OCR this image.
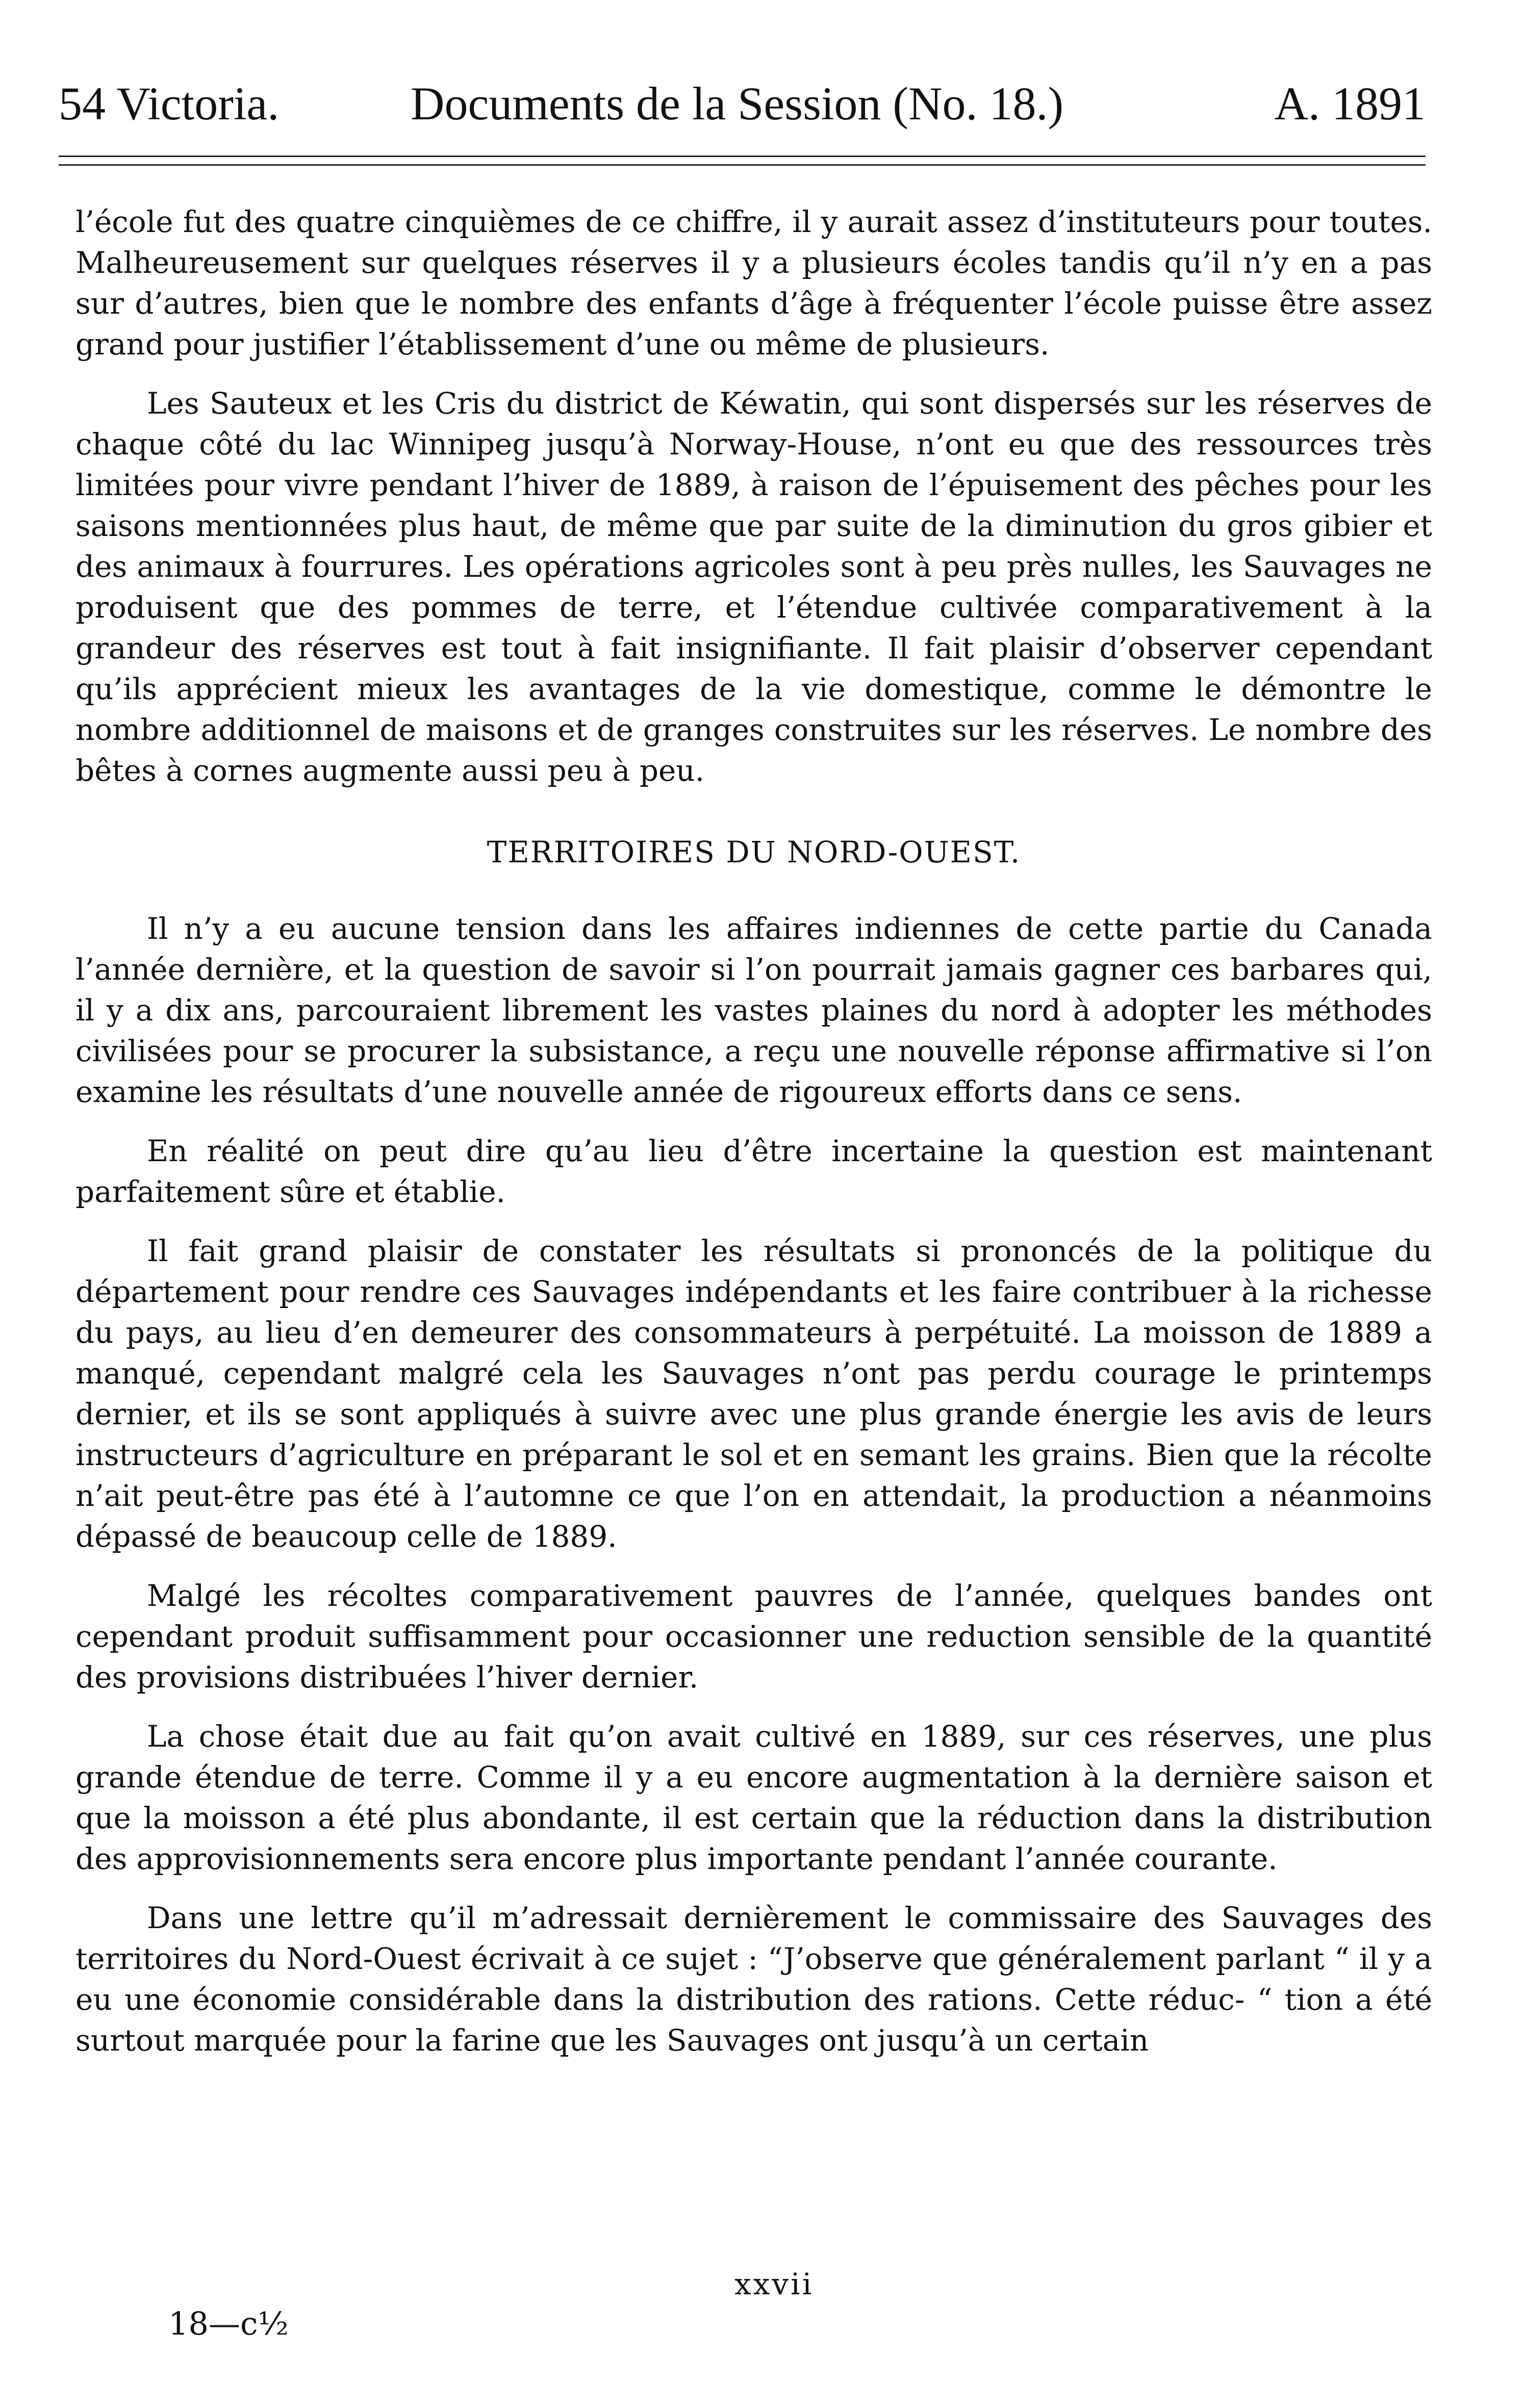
54 Victoria.	Documents de la Session (No. 18.)	A. 1891

l’école fut des quatre cinquièmes de ce chiffre, il y aurait assez d’instituteurs pour toutes. Malheureusement sur quelques réserves il y a plusieurs écoles tandis qu’il n’y en a pas sur d’autres, bien que le nombre des enfants d’âge à fréquenter l’école puisse être assez grand pour justifier l’établissement d’une ou même de plusieurs.

Les Sauteux et les Cris du district de Kéwatin, qui sont dispersés sur les réserves de chaque côté du lac Winnipeg jusqu’à Norway-House, n’ont eu que des ressources très limitées pour vivre pendant l’hiver de 1889, à raison de l’épuisement des pêches pour les saisons mentionnées plus haut, de même que par suite de la diminution du gros gibier et des animaux à fourrures. Les opérations agricoles sont à peu près nulles, les Sauvages ne produisent que des pommes de terre, et l’étendue cultivée comparativement à la grandeur des réserves est tout à fait insignifiante. Il fait plaisir d’observer cependant qu’ils apprécient mieux les avantages de la vie domestique, comme le démontre le nombre additionnel de maisons et de granges construites sur les réserves. Le nombre des bêtes à cornes augmente aussi peu à peu.

TERRITOIRES DU NORD-OUEST.

Il n’y a eu aucune tension dans les affaires indiennes de cette partie du Canada l’année dernière, et la question de savoir si l’on pourrait jamais gagner ces barbares qui, il y a dix ans, parcouraient librement les vastes plaines du nord à adopter les méthodes civilisées pour se procurer la subsistance, a reçu une nouvelle réponse affirmative si l’on examine les résultats d’une nouvelle année de rigoureux efforts dans ce sens.

En réalité on peut dire qu’au lieu d’être incertaine la question est maintenant parfaitement sûre et établie.

Il fait grand plaisir de constater les résultats si prononcés de la politique du département pour rendre ces Sauvages indépendants et les faire contribuer à la richesse du pays, au lieu d’en demeurer des consommateurs à perpétuité. La moisson de 1889 a manqué, cependant malgré cela les Sauvages n’ont pas perdu courage le printemps dernier, et ils se sont appliqués à suivre avec une plus grande énergie les avis de leurs instructeurs d’agriculture en préparant le sol et en semant les grains. Bien que la récolte n’ait peut-être pas été à l’automne ce que l’on en attendait, la production a néanmoins dépassé de beaucoup celle de 1889.

Malgé les récoltes comparativement pauvres de l’année, quelques bandes ont cependant produit suffisamment pour occasionner une reduction sensible de la quantité des provisions distribuées l’hiver dernier.

La chose était due au fait qu’on avait cultivé en 1889, sur ces réserves, une plus grande étendue de terre. Comme il y a eu encore augmentation à la dernière saison et que la moisson a été plus abondante, il est certain que la réduction dans la distribution des approvisionnements sera encore plus importante pendant l’année courante.

Dans une lettre qu’il m’adressait dernièrement le commissaire des Sauvages des territoires du Nord-Ouest écrivait à ce sujet : “J’observe que généralement parlant “ il y a eu une économie considérable dans la distribution des rations. Cette réduc- “ tion a été surtout marquée pour la farine que les Sauvages ont jusqu’à un certain

xxvii
18—c½
